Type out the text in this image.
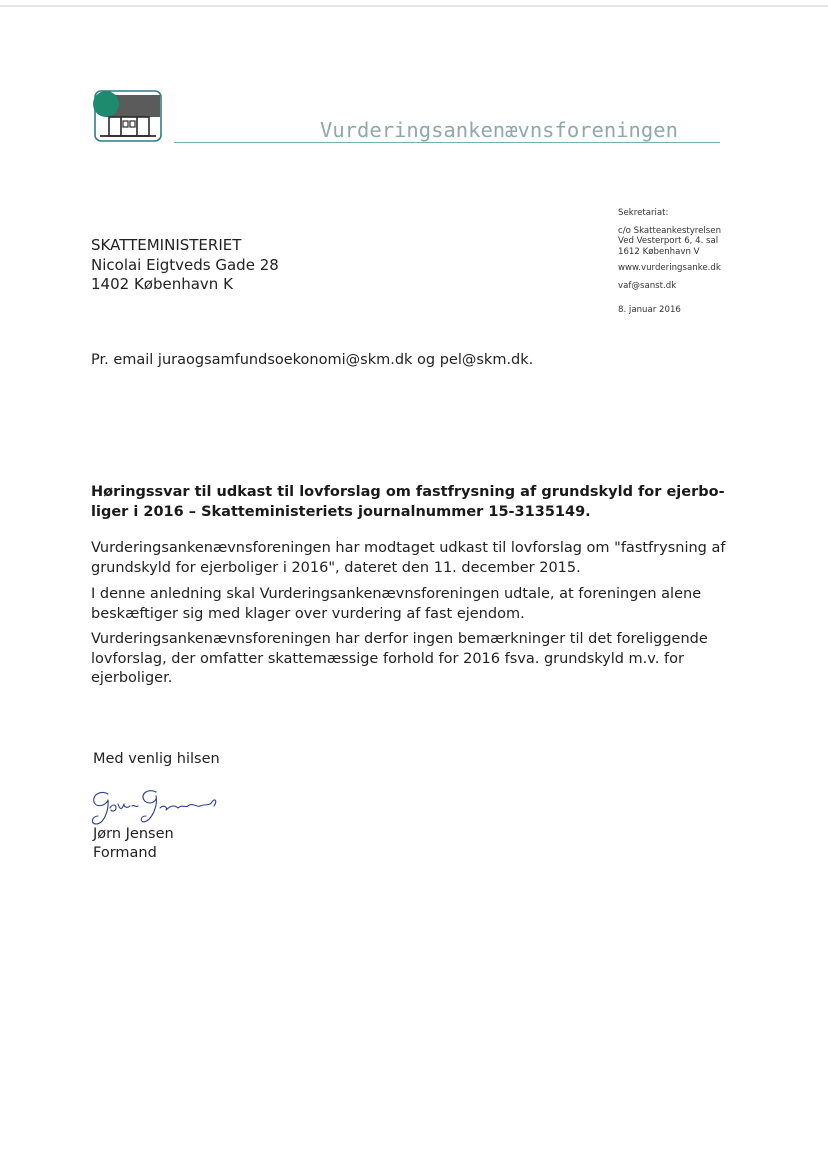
Vurderingsankenævnsforeningen
SKATTEMINISTERIET
Nicolai Eigtveds Gade 28
1402 København K
Sekretariat:
c/o Skatteankestyrelsen
Ved Vesterport 6, 4. sal
1612 København V
www.vurderingsanke.dk
vaf@sanst.dk
8. januar 2016
Pr. email juraogsamfundsoekonomi@skm.dk og pel@skm.dk.
Høringssvar til udkast til lovforslag om fastfrysning af grundskyld for ejerbo- liger i 2016 – Skatteministeriets journalnummer 15-3135149.
Vurderingsankenævnsforeningen har modtaget udkast til lovforslag om "fastfrysning af grundskyld for ejerboliger i 2016", dateret den 11. december 2015.
I denne anledning skal Vurderingsankenævnsforeningen udtale, at foreningen alene beskæftiger sig med klager over vurdering af fast ejendom.
Vurderingsankenævnsforeningen har derfor ingen bemærkninger til det foreliggende lovforslag, der omfatter skattemæssige forhold for 2016 fsva. grundskyld m.v. for ejerboliger.
Med venlig hilsen
Jørn Jensen
Formand
